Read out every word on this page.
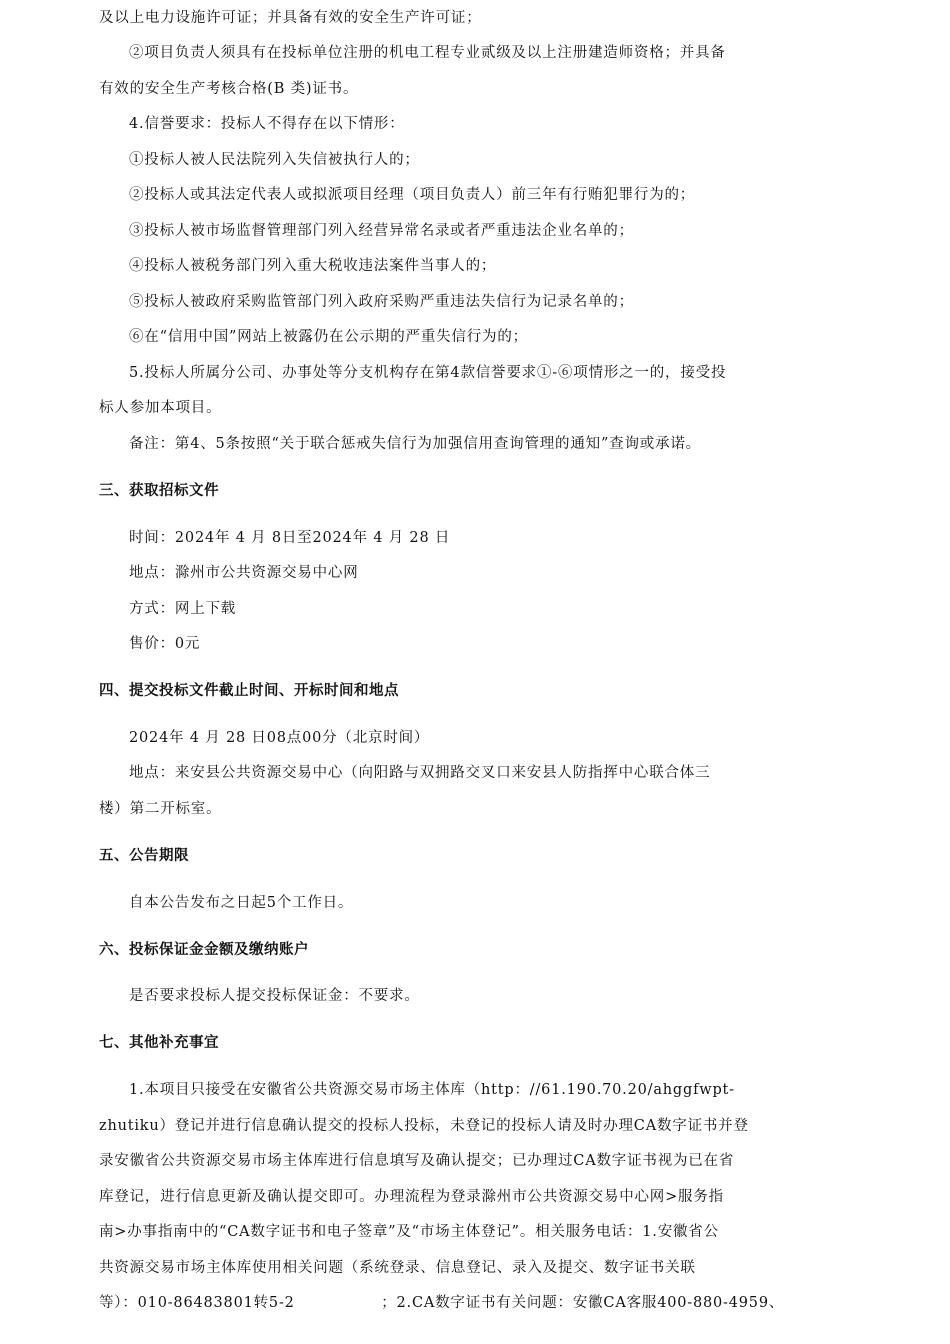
及以上电力设施许可证；并具备有效的安全生产许可证；
②项目负责人须具有在投标单位注册的机电工程专业贰级及以上注册建造师资格；并具备
有效的安全生产考核合格(B 类)证书。
4.信誉要求：投标人不得存在以下情形：
①投标人被人民法院列入失信被执行人的；
②投标人或其法定代表人或拟派项目经理（项目负责人）前三年有行贿犯罪行为的；
③投标人被市场监督管理部门列入经营异常名录或者严重违法企业名单的；
④投标人被税务部门列入重大税收违法案件当事人的；
⑤投标人被政府采购监管部门列入政府采购严重违法失信行为记录名单的；
⑥在“信用中国”网站上被露仍在公示期的严重失信行为的；
5.投标人所属分公司、办事处等分支机构存在第4款信誉要求①-⑥项情形之一的，接受投
标人参加本项目。
备注：第4、5条按照“关于联合惩戒失信行为加强信用查询管理的通知”查询或承诺。
三、获取招标文件
时间：2024年 4 月 8日至2024年 4 月 28 日
地点：滁州市公共资源交易中心网
方式：网上下载
售价：0元
四、提交投标文件截止时间、开标时间和地点
2024年 4 月 28 日08点00分（北京时间）
地点：来安县公共资源交易中心（向阳路与双拥路交叉口来安县人防指挥中心联合体三
楼）第二开标室。
五、公告期限
自本公告发布之日起5个工作日。
六、投标保证金金额及缴纳账户
是否要求投标人提交投标保证金：不要求。
七、其他补充事宜
1.本项目只接受在安徽省公共资源交易市场主体库（http：//61.190.70.20/ahggfwpt-
zhutiku）登记并进行信息确认提交的投标人投标，未登记的投标人请及时办理CA数字证书并登
录安徽省公共资源交易市场主体库进行信息填写及确认提交；已办理过CA数字证书视为已在省
库登记，进行信息更新及确认提交即可。办理流程为登录滁州市公共资源交易中心网>服务指
南>办事指南中的“CA数字证书和电子签章”及“市场主体登记”。相关服务电话：1.安徽省公
共资源交易市场主体库使用相关问题（系统登录、信息登记、录入及提交、数字证书关联
等）：010-86483801转5-2                ；2.CA数字证书有关问题：安徽CA客服400-880-4959、
